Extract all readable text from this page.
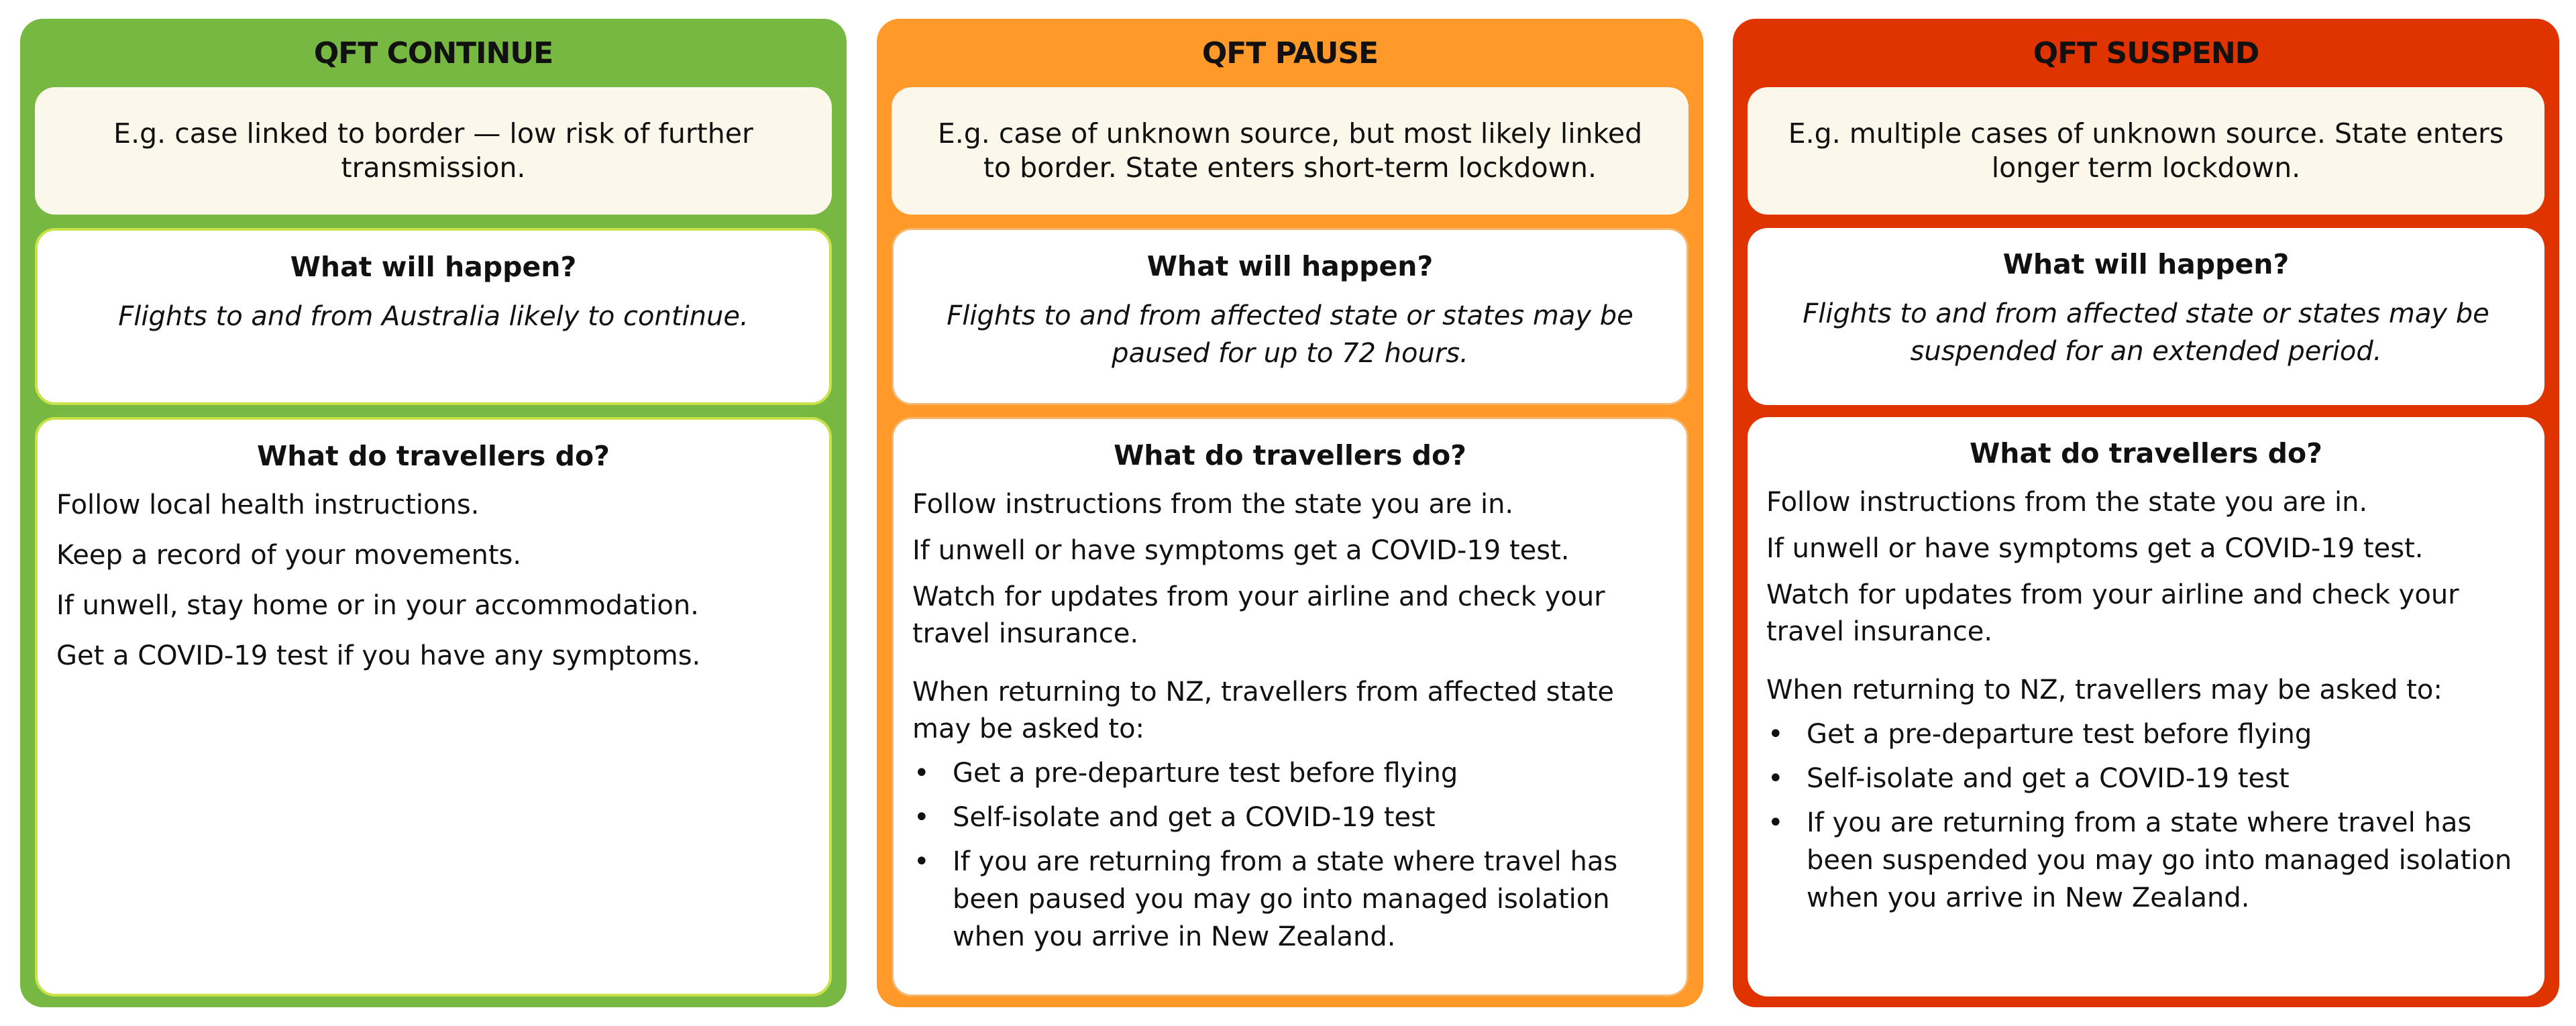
QFT CONTINUE
E.g. case linked to border — low risk of further transmission.
What will happen?
Flights to and from Australia likely to continue.
What do travellers do?

Follow local health instructions.

Keep a record of your movements.

If unwell, stay home or in your accommodation.

Get a COVID-19 test if you have any symptoms.

QFT PAUSE
E.g. case of unknown source, but most likely linked to border. State enters short-term lockdown.
What will happen?
Flights to and from affected state or states may be paused for up to 72 hours.
What do travellers do?

Follow instructions from the state you are in.

If unwell or have symptoms get a COVID-19 test.

Watch for updates from your airline and check your travel insurance.

When returning to NZ, travellers from affected state may be asked to:

• Get a pre-departure test before flying
• Self-isolate and get a COVID-19 test
• If you are returning from a state where travel has been paused you may go into managed isolation when you arrive in New Zealand.
QFT SUSPEND
E.g. multiple cases of unknown source. State enters longer term lockdown.
What will happen?
Flights to and from affected state or states may be suspended for an extended period.
What do travellers do?

Follow instructions from the state you are in.

If unwell or have symptoms get a COVID-19 test.

Watch for updates from your airline and check your travel insurance.

When returning to NZ, travellers may be asked to:

• Get a pre-departure test before flying
• Self-isolate and get a COVID-19 test
• If you are returning from a state where travel has been suspended you may go into managed isolation when you arrive in New Zealand.
